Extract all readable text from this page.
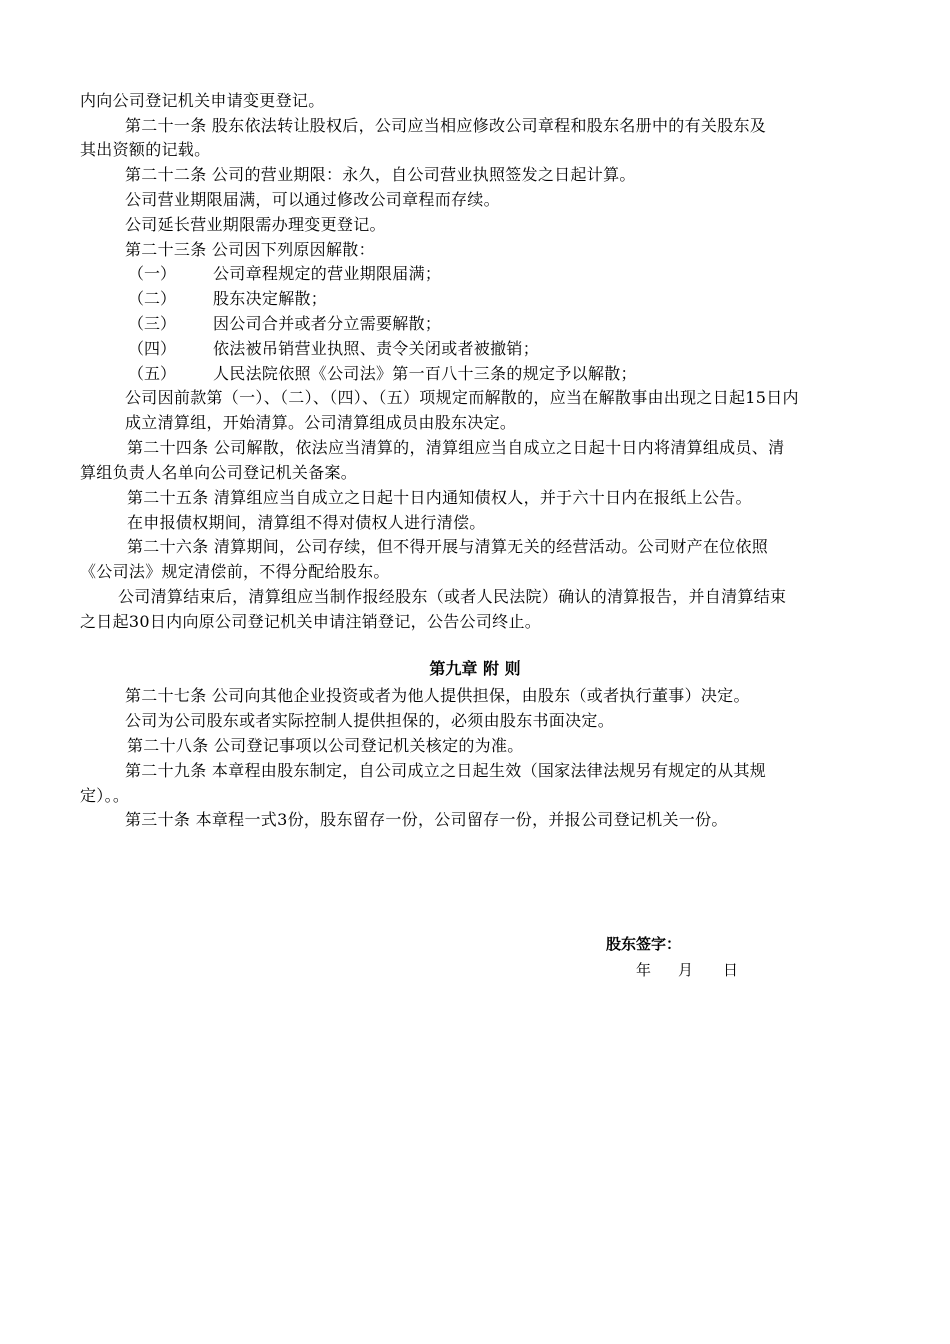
内向公司登记机关申请变更登记。
第二十一条 股东依法转让股权后，公司应当相应修改公司章程和股东名册中的有关股东及
其出资额的记载。
第二十二条 公司的营业期限：永久，自公司营业执照签发之日起计算。
公司营业期限届满，可以通过修改公司章程而存续。
公司延长营业期限需办理变更登记。
第二十三条 公司因下列原因解散：
（一） 公司章程规定的营业期限届满；
（二） 股东决定解散；
（三） 因公司合并或者分立需要解散；
（四） 依法被吊销营业执照、责令关闭或者被撤销；
（五） 人民法院依照《公司法》第一百八十三条的规定予以解散；
公司因前款第（一）、（二）、（四）、（五）项规定而解散的，应当在解散事由出现之日起15日内
成立清算组，开始清算。公司清算组成员由股东决定。
第二十四条 公司解散，依法应当清算的，清算组应当自成立之日起十日内将清算组成员、清
算组负责人名单向公司登记机关备案。
第二十五条 清算组应当自成立之日起十日内通知债权人，并于六十日内在报纸上公告。
在申报债权期间，清算组不得对债权人进行清偿。
第二十六条 清算期间，公司存续，但不得开展与清算无关的经营活动。公司财产在位依照
《公司法》规定清偿前，不得分配给股东。
公司清算结束后，清算组应当制作报经股东（或者人民法院）确认的清算报告，并自清算结束
之日起30日内向原公司登记机关申请注销登记，公告公司终止。
第九章 附 则
第二十七条 公司向其他企业投资或者为他人提供担保，由股东（或者执行董事）决定。
公司为公司股东或者实际控制人提供担保的，必须由股东书面决定。
第二十八条 公司登记事项以公司登记机关核定的为准。
第二十九条 本章程由股东制定，自公司成立之日起生效（国家法律法规另有规定的从其规
定）。。
第三十条 本章程一式3份，股东留存一份，公司留存一份，并报公司登记机关一份。
股东签字：
年 月 日
